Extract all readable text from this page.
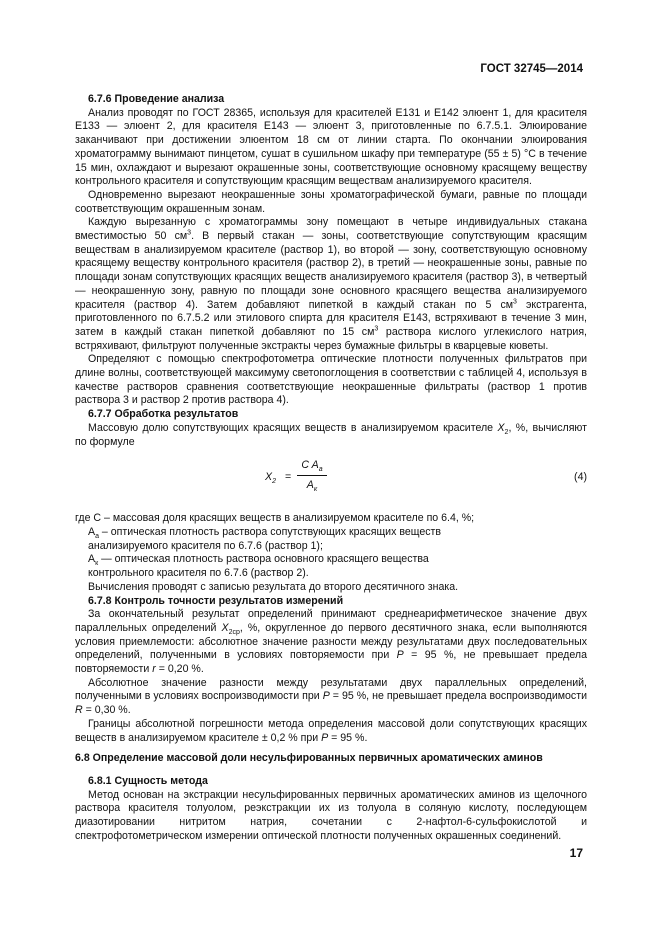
ГОСТ 32745—2014

6.7.6 Проведение анализа

Анализ проводят по ГОСТ 28365, используя для красителей Е131 и Е142 элюент 1, для красителя Е133 — элюент 2, для красителя Е143 — элюент 3, приготовленные по 6.7.5.1. Элюирование заканчивают при достижении элюентом 18 см от линии старта. По окончании элюирования хроматограмму вынимают пинцетом, сушат в сушильном шкафу при температуре (55 ± 5) °С в течение 15 мин, охлаждают и вырезают окрашенные зоны, соответствующие основному красящему веществу контрольного красителя и сопутствующим красящим веществам анализируемого красителя.

Одновременно вырезают неокрашенные зоны хроматографической бумаги, равные по площади соответствующим окрашенным зонам.

Каждую вырезанную с хроматограммы зону помещают в четыре индивидуальных стакана вместимостью 50 $см^3$. В первый стакан — зоны, соответствующие сопутствующим красящим веществам в анализируемом красителе (раствор 1), во второй — зону, соответствующую основному красящему веществу контрольного красителя (раствор 2), в третий — неокрашенные зоны, равные по площади зонам сопутствующих красящих веществ анализируемого красителя (раствор 3), в четвертый — неокрашенную зону, равную по площади зоне основного красящего вещества анализируемого красителя (раствор 4). Затем добавляют пипеткой в каждый стакан по 5 $см^3$ экстрагента, приготовленного по 6.7.5.2 или этилового спирта для красителя Е143, встряхивают в течение 3 мин, затем в каждый стакан пипеткой добавляют по 15 $см^3$ раствора кислого углекислого натрия, встряхивают, фильтруют полученные экстракты через бумажные фильтры в кварцевые кюветы.

Определяют с помощью спектрофотометра оптические плотности полученных фильтратов при длине волны, соответствующей максимуму светопоглощения в соответствии с таблицей 4, используя в качестве растворов сравнения соответствующие неокрашенные фильтраты (раствор 1 против раствора 3 и раствор 2 против раствора 4).

6.7.7 Обработка результатов

Массовую долю сопутствующих красящих веществ в анализируемом красителе $X_2$, %, вычисляют по формуле

$X_2$ =
C $A_a$
$A_к$
(4)

где С – массовая доля красящих веществ в анализируемом красителе по 6.4, %;

$А_а$ – оптическая плотность раствора сопутствующих красящих веществ

анализируемого красителя по 6.7.6 (раствор 1);

$А_к$ — оптическая плотность раствора основного красящего вещества

контрольного красителя по 6.7.6 (раствор 2).

Вычисления проводят с записью результата до второго десятичного знака.

6.7.8 Контроль точности результатов измерений

За окончательный результат определений принимают среднеарифметическое значение двух параллельных определений $X_{2ср}$, %, округленное до первого десятичного знака, если выполняются условия приемлемости: абсолютное значение разности между результатами двух последовательных определений, полученными в условиях повторяемости при P = 95 %, не превышает предела повторяемости r = 0,20 %.

Абсолютное значение разности между результатами двух параллельных определений, полученными в условиях воспроизводимости при P = 95 %, не превышает предела воспроизводимости R = 0,30 %.

Границы абсолютной погрешности метода определения массовой доли сопутствующих красящих веществ в анализируемом красителе ± 0,2 % при P = 95 %.

6.8 Определение массовой доли несульфированных первичных ароматических аминов

6.8.1 Сущность метода

Метод основан на экстракции несульфированных первичных ароматических аминов из щелочного раствора красителя толуолом, реэкстракции их из толуола в соляную кислоту, последующем диазотировании нитритом натрия, сочетании с 2-нафтол-6-сульфокислотой и спектрофотометрическом измерении оптической плотности полученных окрашенных соединений.

17
